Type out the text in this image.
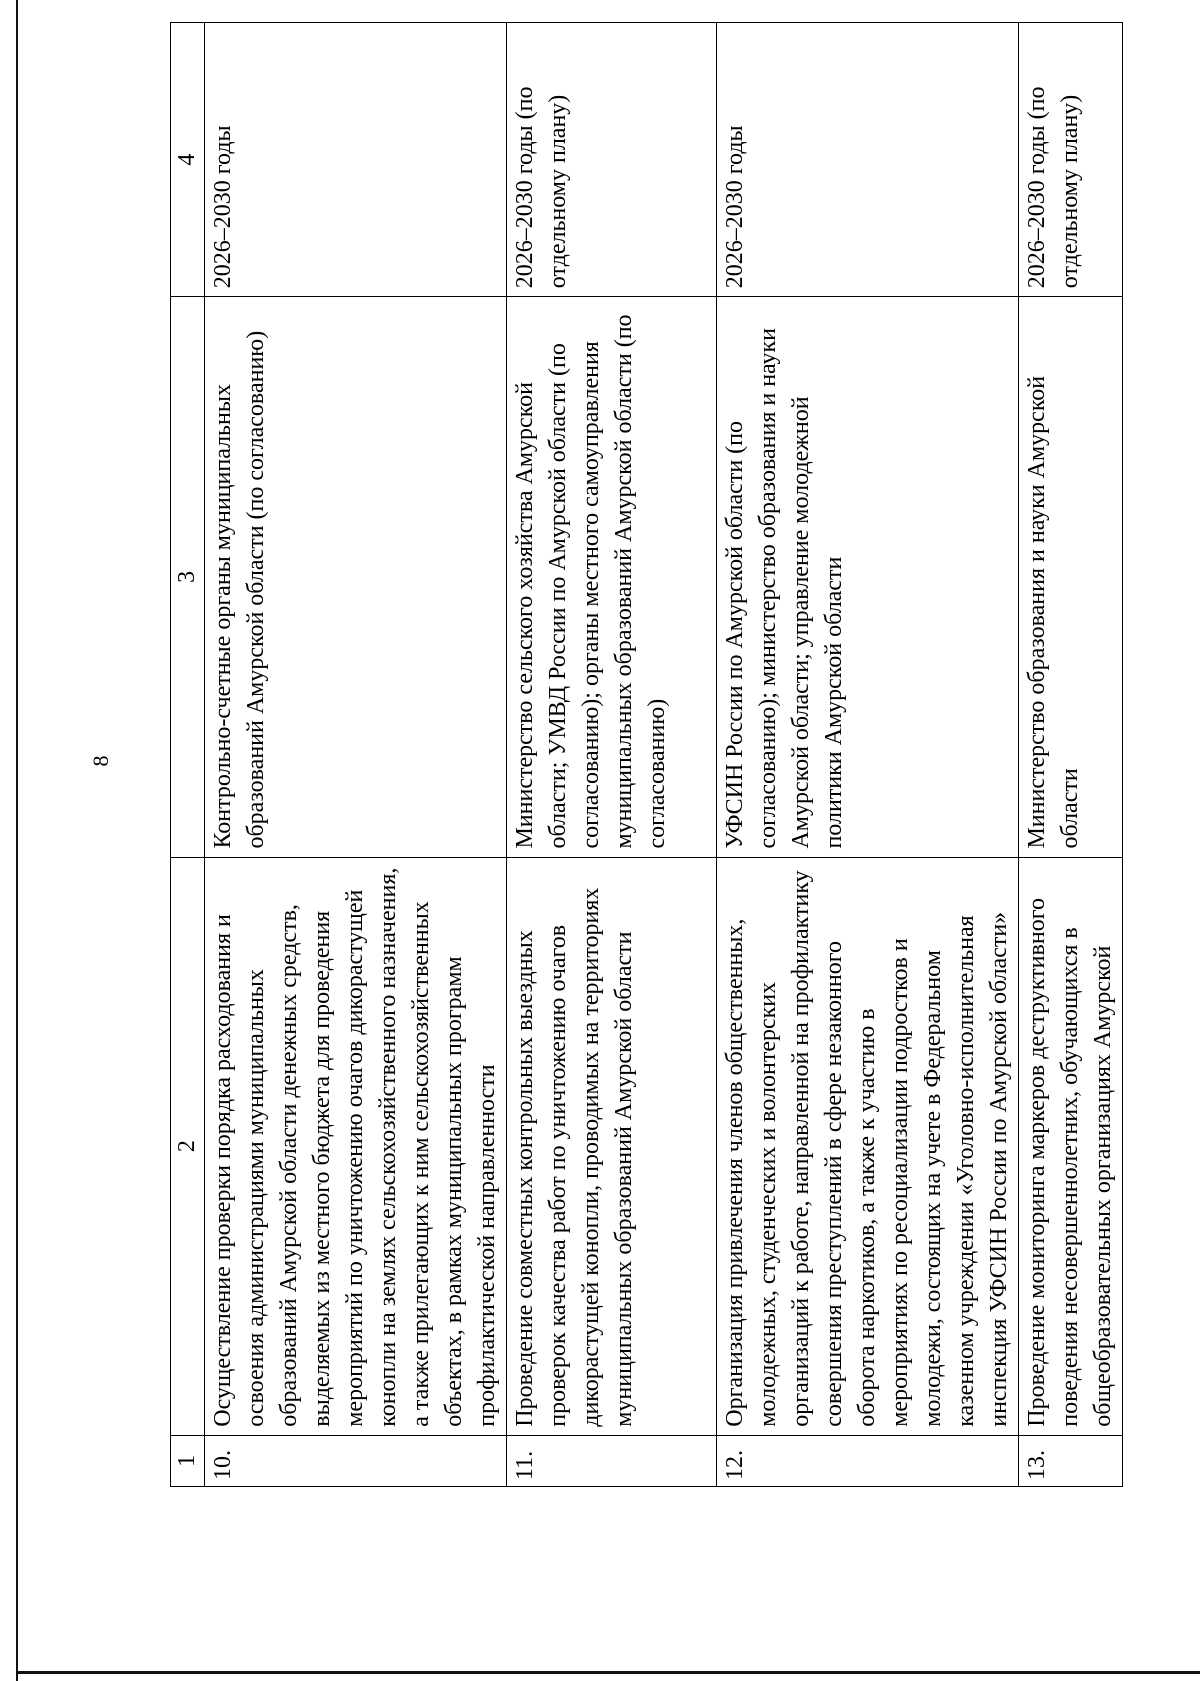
8
1	2	3	4
10.	Осуществление проверки порядка расходования и освоения администрациями муниципальных образований Амурской области денежных средств, выделяемых из местного бюджета для проведения мероприятий по уничтожению очагов дикорастущей конопли на землях сельскохозяйственного назначения, а также прилегающих к ним сельскохозяйственных объектах, в рамках муниципальных программ профилактической направленности	Контрольно-счетные органы муниципальных образований Амурской области (по согласованию)	2026–2030 годы
11.	Проведение совместных контрольных выездных проверок качества работ по уничтожению очагов дикорастущей конопли, проводимых на территориях муниципальных образований Амурской области	Министерство сельского хозяйства Амурской области; УМВД России по Амурской области (по согласованию); органы местного самоуправления муниципальных образований Амурской области (по согласованию)	2026–2030 годы (по отдельному плану)
12.	Организация привлечения членов общественных, молодежных, студенческих и волонтерских организаций к работе, направленной на профилактику совершения преступлений в сфере незаконного оборота наркотиков, а также к участию в мероприятиях по ресоциализации подростков и молодежи, состоящих на учете в Федеральном казенном учреждении «Уголовно-исполнительная инспекция УФСИН России по Амурской области»	УФСИН России по Амурской области (по согласованию); министерство образования и науки Амурской области; управление молодежной политики Амурской области	2026–2030 годы
13.	Проведение мониторинга маркеров деструктивного поведения несовершеннолетних, обучающихся в общеобразовательных организациях Амурской	Министерство образования и науки Амурской области	2026–2030 годы (по отдельному плану)
